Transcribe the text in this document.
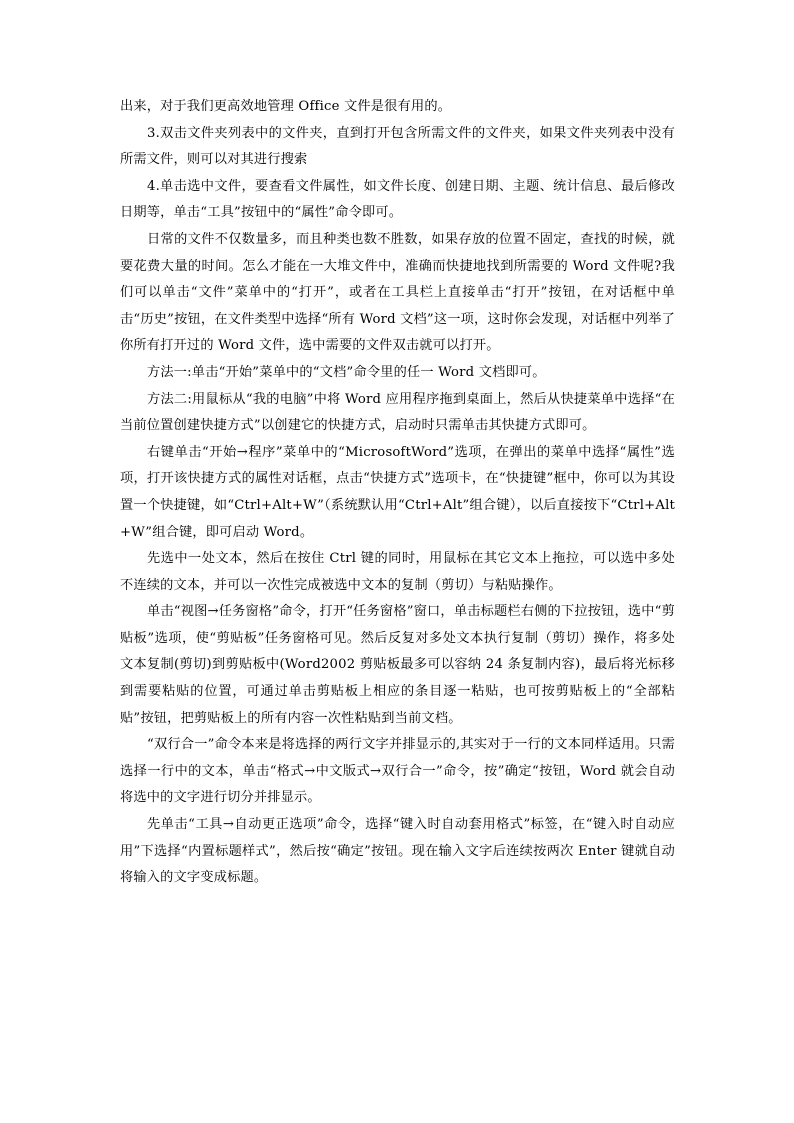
出来，对于我们更高效地管理 Office 文件是很有用的。

3.双击文件夹列表中的文件夹，直到打开包含所需文件的文件夹，如果文件夹列表中没有所需文件，则可以对其进行搜索

4.单击选中文件，要查看文件属性，如文件长度、创建日期、主题、统计信息、最后修改日期等，单击“工具”按钮中的“属性”命令即可。

日常的文件不仅数量多，而且种类也数不胜数，如果存放的位置不固定，查找的时候，就要花费大量的时间。怎么才能在一大堆文件中，准确而快捷地找到所需要的 Word 文件呢?我们可以单击“文件”菜单中的“打开”，或者在工具栏上直接单击“打开”按钮，在对话框中单击“历史”按钮，在文件类型中选择“所有 Word 文档”这一项，这时你会发现，对话框中列举了你所有打开过的 Word 文件，选中需要的文件双击就可以打开。

方法一:单击“开始”菜单中的“文档”命令里的任一 Word 文档即可。

方法二:用鼠标从“我的电脑”中将 Word 应用程序拖到桌面上，然后从快捷菜单中选择“在当前位置创建快捷方式”以创建它的快捷方式，启动时只需单击其快捷方式即可。

右键单击“开始→程序”菜单中的“MicrosoftWord”选项，在弹出的菜单中选择“属性”选项，打开该快捷方式的属性对话框，点击“快捷方式”选项卡，在“快捷键”框中，你可以为其设置一个快捷键，如“Ctrl+Alt+W”（系统默认用“Ctrl+Alt”组合键），以后直接按下“Ctrl+Alt+W”组合键，即可启动 Word。

先选中一处文本，然后在按住 Ctrl 键的同时，用鼠标在其它文本上拖拉，可以选中多处不连续的文本，并可以一次性完成被选中文本的复制（剪切）与粘贴操作。

单击“视图→任务窗格”命令，打开“任务窗格”窗口，单击标题栏右侧的下拉按钮，选中“剪贴板”选项，使“剪贴板”任务窗格可见。然后反复对多处文本执行复制（剪切）操作，将多处文本复制(剪切)到剪贴板中(Word2002 剪贴板最多可以容纳 24 条复制内容)，最后将光标移到需要粘贴的位置，可通过单击剪贴板上相应的条目逐一粘贴，也可按剪贴板上的“全部粘贴”按钮，把剪贴板上的所有内容一次性粘贴到当前文档。

“双行合一”命令本来是将选择的两行文字并排显示的,其实对于一行的文本同样适用。只需选择一行中的文本，单击“格式→中文版式→双行合一”命令，按”确定“按钮，Word 就会自动将选中的文字进行切分并排显示。

先单击“工具→自动更正选项”命令，选择“键入时自动套用格式”标签，在“键入时自动应用”下选择“内置标题样式”，然后按“确定”按钮。现在输入文字后连续按两次 Enter 键就自动将输入的文字变成标题。
